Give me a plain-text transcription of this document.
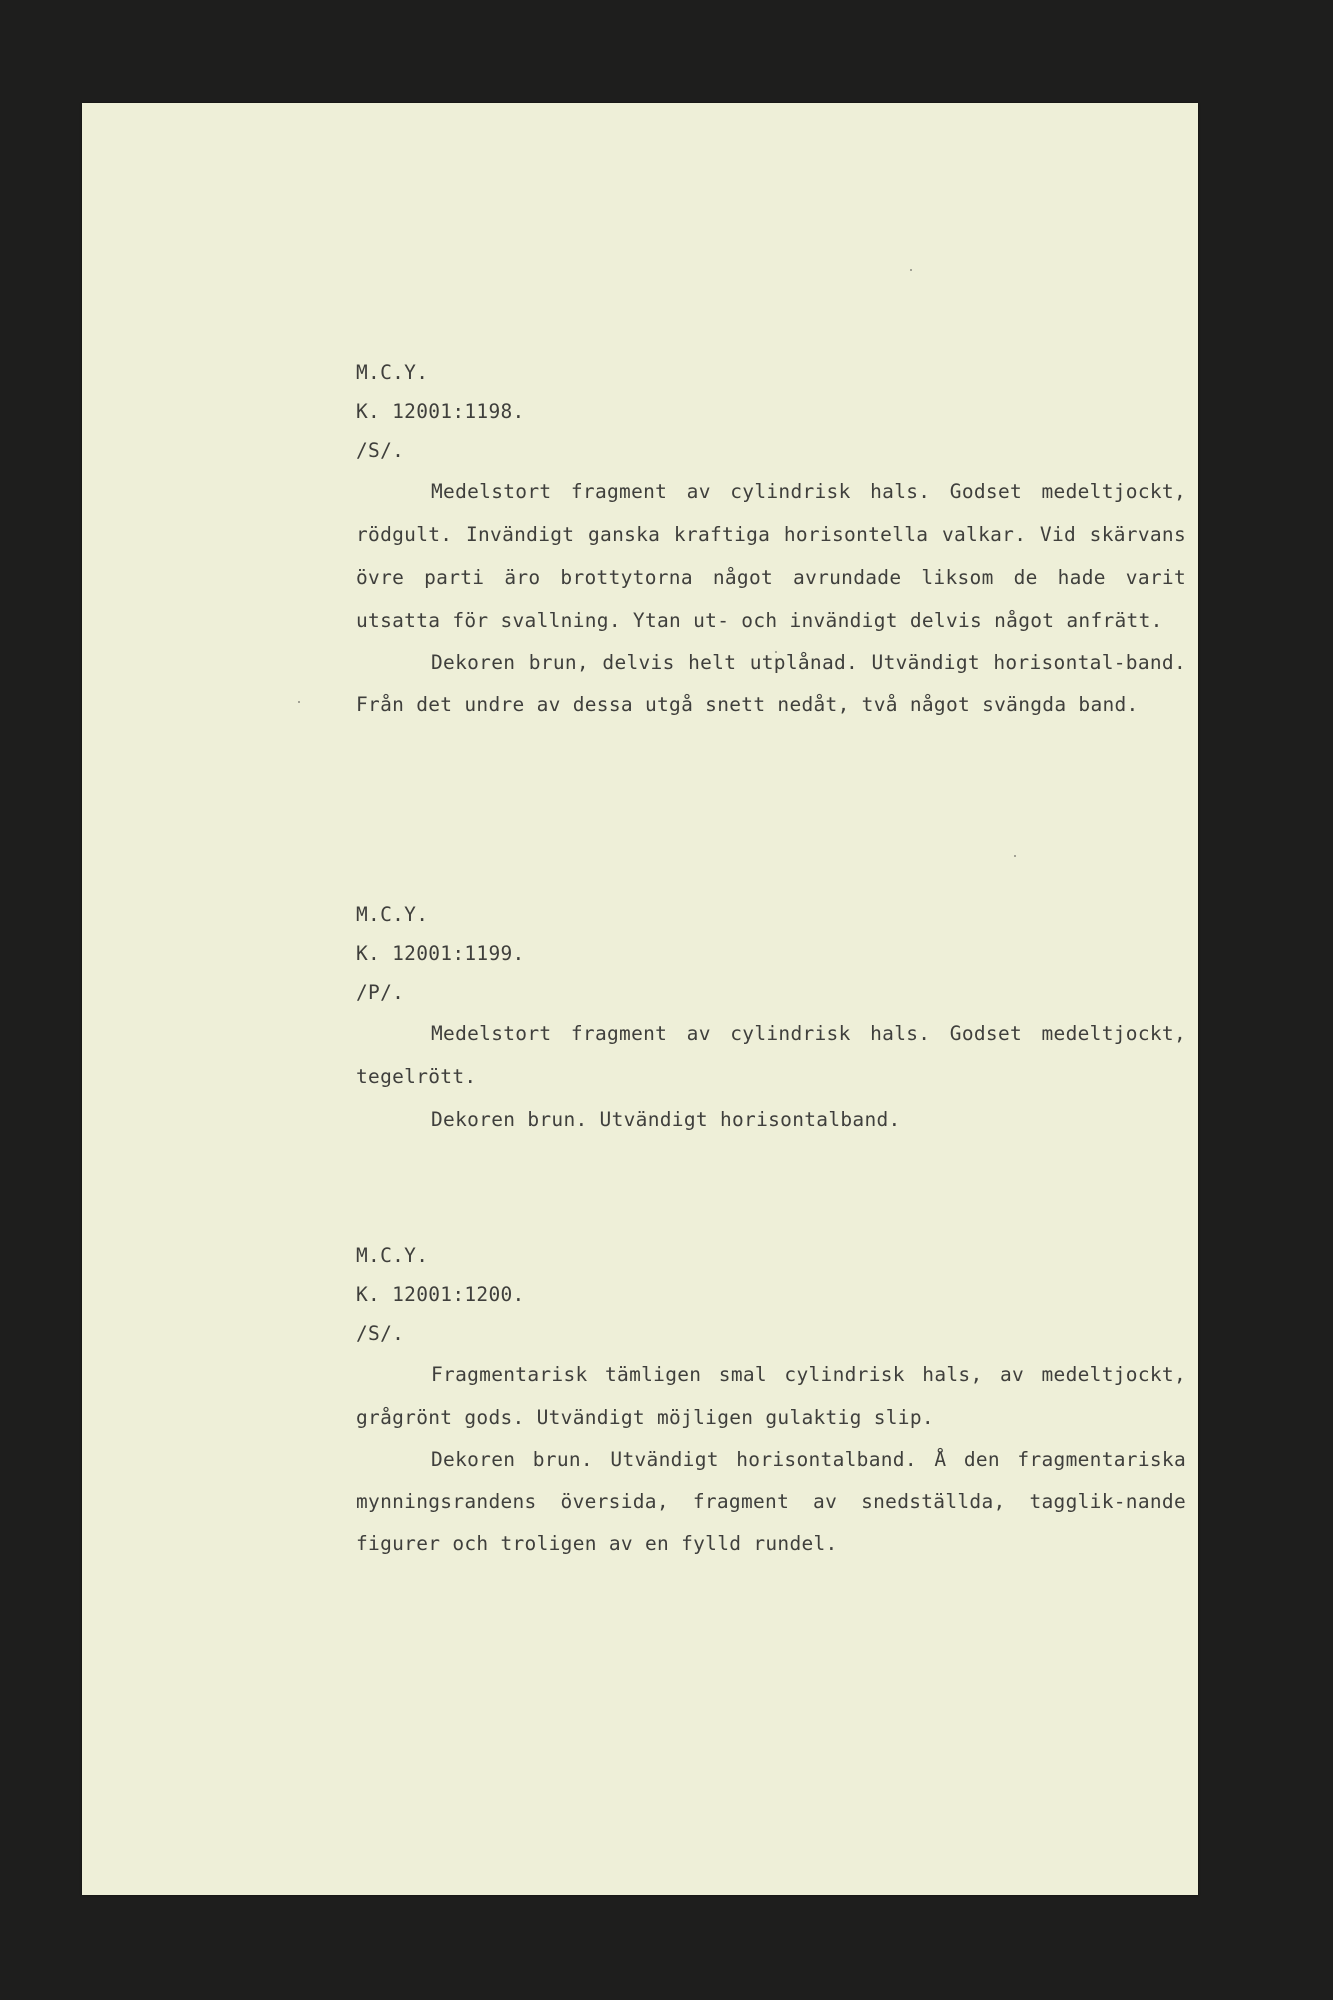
M.C.Y.
K. 12001:1198.
/S/.

Medelstort fragment av cylindrisk hals. Godset medeltjockt, rödgult. Invändigt ganska kraftiga horisontella valkar. Vid skärvans övre parti äro brottytorna något avrundade liksom de hade varit utsatta för svallning. Ytan ut- och invändigt delvis något anfrätt.

Dekoren brun, delvis helt utplånad. Utvändigt horisontal-band. Från det undre av dessa utgå snett nedåt, två något svängda band.

M.C.Y.
K. 12001:1199.
/P/.

Medelstort fragment av cylindrisk hals. Godset medeltjockt, tegelrött.

Dekoren brun. Utvändigt horisontalband.

M.C.Y.
K. 12001:1200.
/S/.

Fragmentarisk tämligen smal cylindrisk hals, av medeltjockt, grågrönt gods. Utvändigt möjligen gulaktig slip.

Dekoren brun. Utvändigt horisontalband. Å den fragmentariska mynningsrandens översida, fragment av snedställda, tagglik-nande figurer och troligen av en fylld rundel.
